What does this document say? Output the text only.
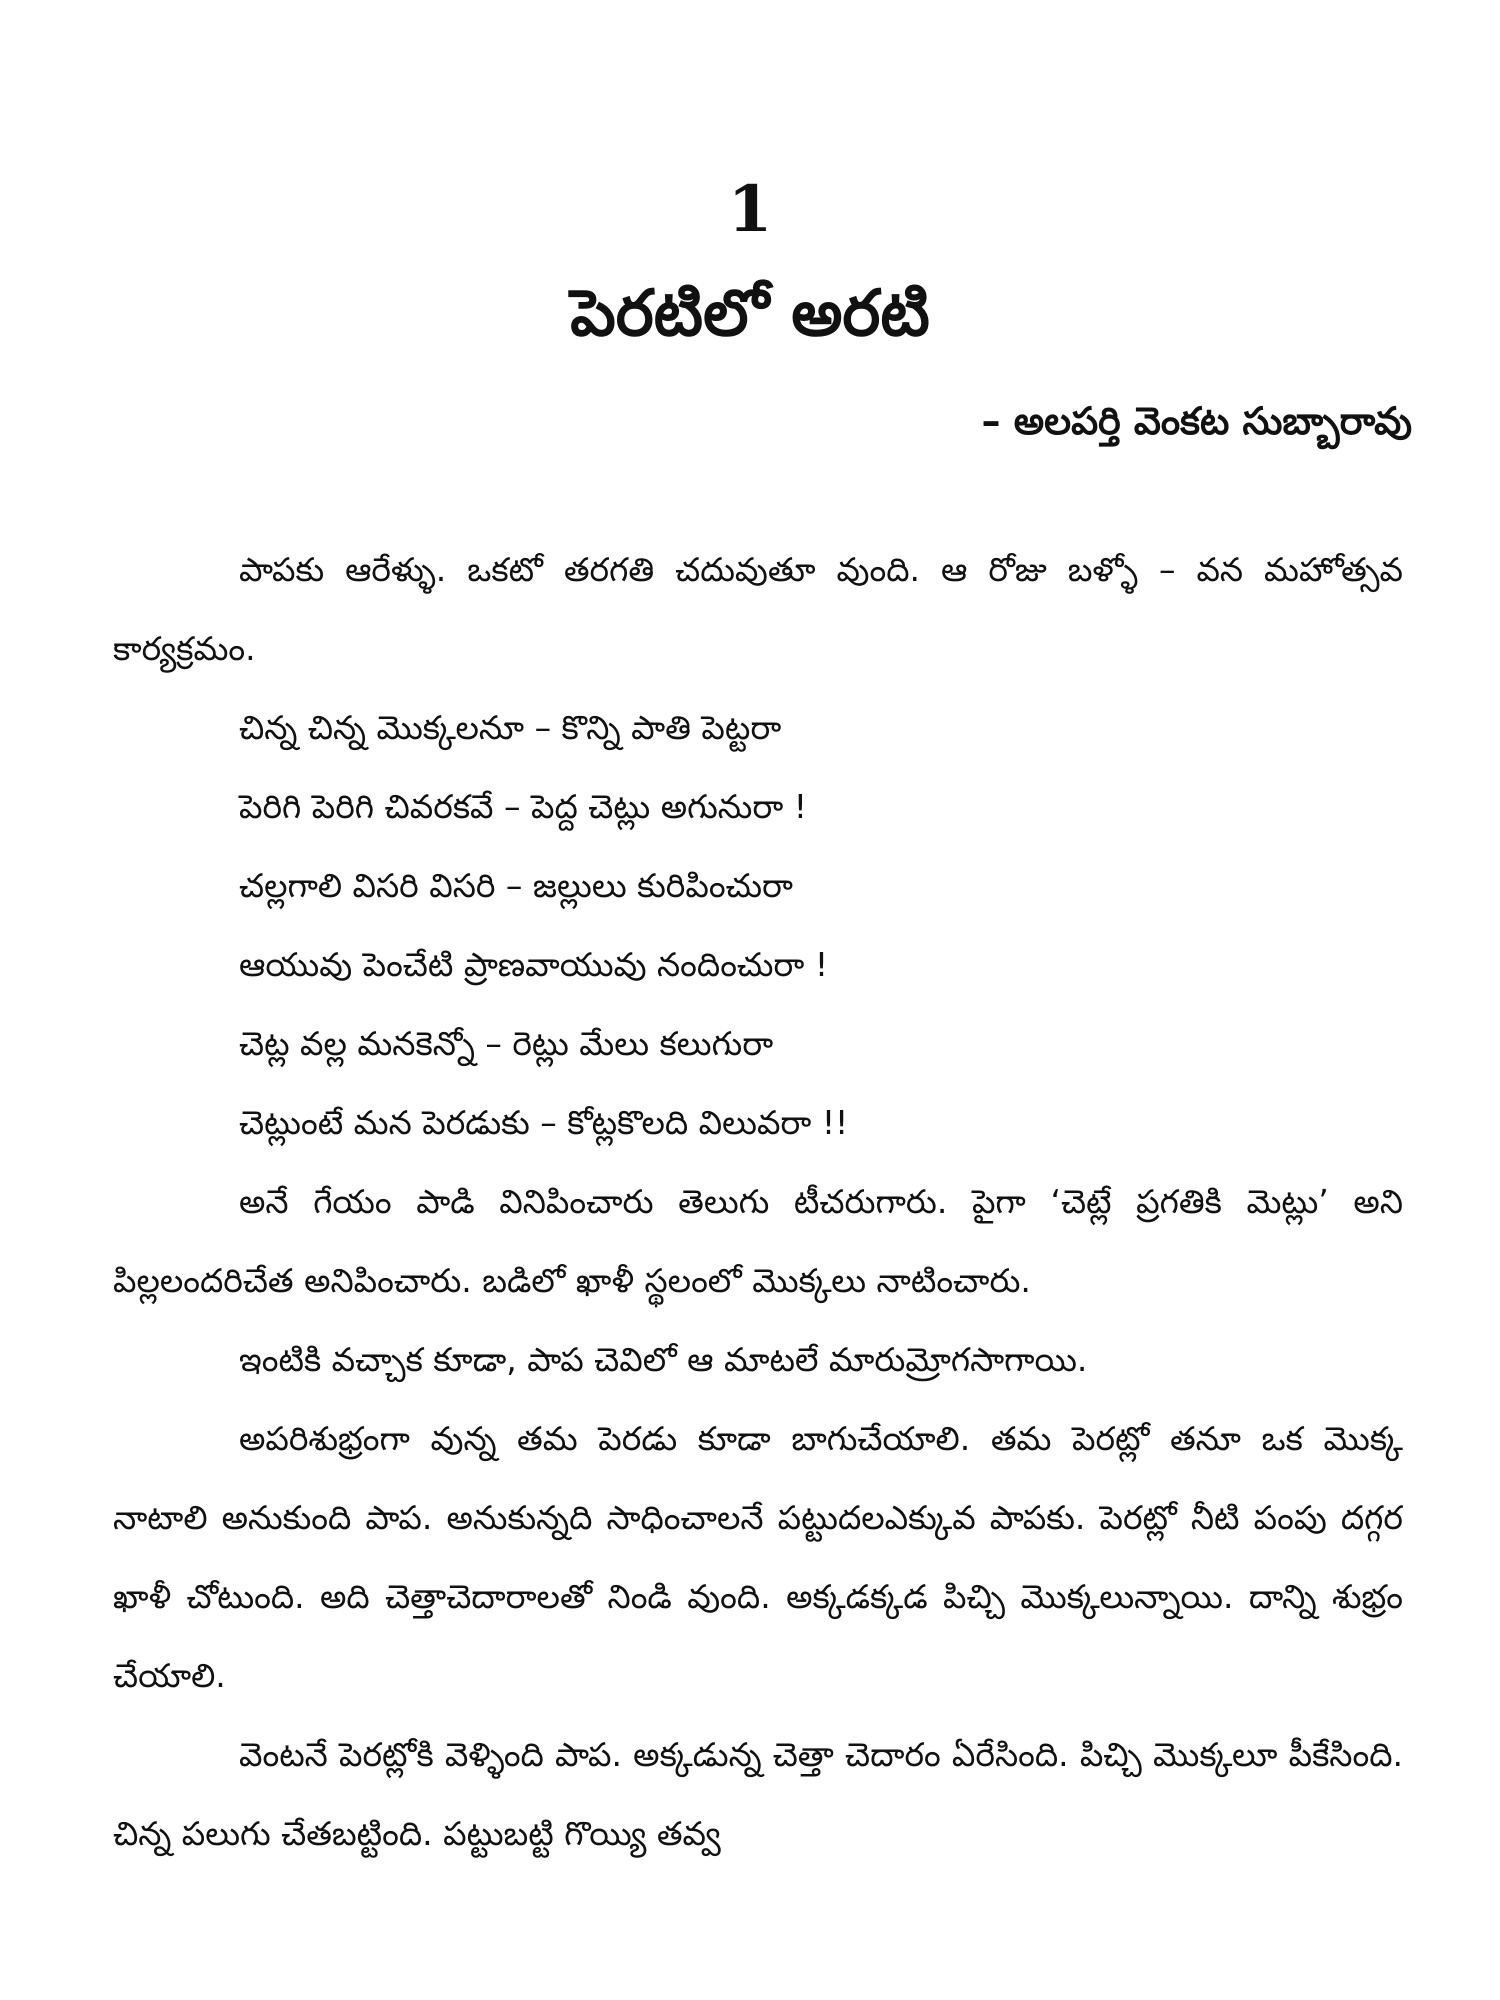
1
పెరటిలో అరటి
– అలపర్తి వెంకట సుబ్బారావు

పాపకు ఆరేళ్ళు. ఒకటో తరగతి చదువుతూ వుంది. ఆ రోజు బళ్ళో – వన మహోత్సవ కార్యక్రమం.

చిన్న చిన్న మొక్కలనూ – కొన్ని పాతి పెట్టరా

పెరిగి పెరిగి చివరకవే – పెద్ద చెట్లు అగునురా !

చల్లగాలి విసరి విసరి – జల్లులు కురిపించురా

ఆయువు పెంచేటి ప్రాణవాయువు నందించురా !

చెట్ల వల్ల మనకెన్నో – రెట్లు మేలు కలుగురా

చెట్లుంటే మన పెరడుకు – కోట్లకొలది విలువరా !!

అనే గేయం పాడి వినిపించారు తెలుగు టీచరుగారు. పైగా ‘చెట్లే ప్రగతికి మెట్లు’ అని పిల్లలందరిచేత అనిపించారు. బడిలో ఖాళీ స్థలంలో మొక్కలు నాటించారు.

ఇంటికి వచ్చాక కూడా, పాప చెవిలో ఆ మాటలే మారుమ్రోగసాగాయి.

అపరిశుభ్రంగా వున్న తమ పెరడు కూడా బాగుచేయాలి. తమ పెరట్లో తనూ ఒక మొక్క నాటాలి అనుకుంది పాప. అనుకున్నది సాధించాలనే పట్టుదలఎక్కువ పాపకు. పెరట్లో నీటి పంపు దగ్గర ఖాళీ చోటుంది. అది చెత్తాచెదారాలతో నిండి వుంది. అక్కడక్కడ పిచ్చి మొక్కలున్నాయి. దాన్ని శుభ్రం చేయాలి.

వెంటనే పెరట్లోకి వెళ్ళింది పాప. అక్కడున్న చెత్తా చెదారం ఏరేసింది. పిచ్చి మొక్కలూ పీకేసింది. చిన్న పలుగు చేతబట్టింది. పట్టుబట్టి గొయ్యి తవ్వ
